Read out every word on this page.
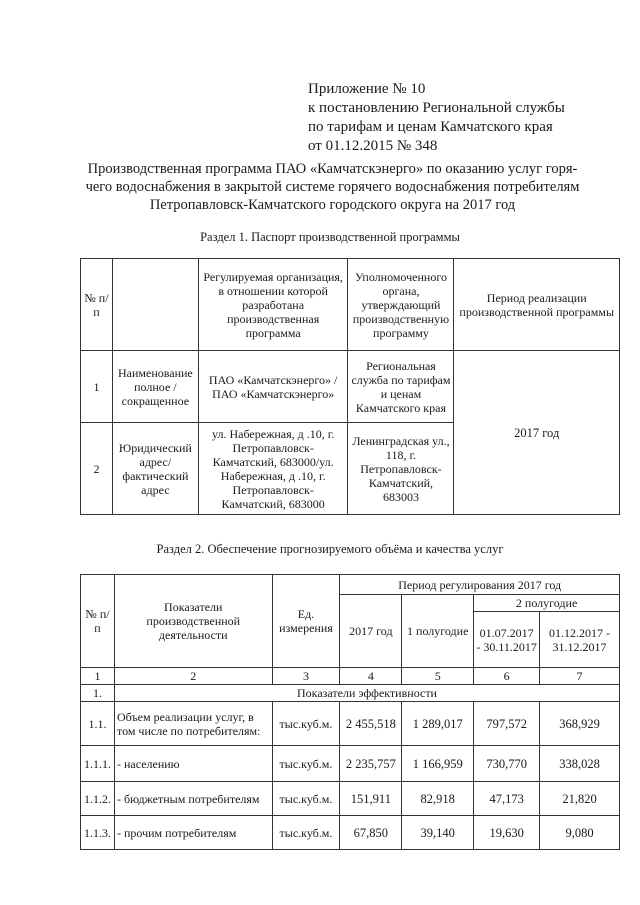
Приложение № 10
к постановлению Региональной службы
по тарифам и ценам Камчатского края
от 01.12.2015 № 348
Производственная программа ПАО «Камчатскэнерго» по оказанию услуг горя-
чего водоснабжения в закрытой системе горячего водоснабжения потребителям
Петропавловск-Камчатского городского округа на 2017 год
Раздел 1. Паспорт производственной программы
№ п/п		Регулируемая организация, в отношении которой разработана производственная программа	Уполномоченного органа, утверждающий производственную программу	Период реализации производственной программы
1	Наименование полное / сокращенное	ПАО «Камчатскэнерго» / ПАО «Камчатскэнерго»	Региональная служба по тарифам и ценам Камчатского края	2017 год
2	Юридический адрес/фактический адрес	ул. Набережная, д .10, г. Петропавловск-Камчатский, 683000/ул. Набережная, д .10, г. Петропавловск-Камчатский, 683000	Ленинградская ул., 118, г. Петропавловск-Камчатский, 683003	
Раздел 2. Обеспечение прогнозируемого объёма и качества услуг
№ п/п	Показатели производственной деятельности	Ед. измерения	Период регулирования 2017 год			
			2017 год	1 полугодие	2 полугодие	
					01.07.2017 - 30.11.2017	01.12.2017 - 31.12.2017
1	2	3	4	5	6	7
1.	Показатели эффективности					
1.1.	Объем реализации услуг, в том числе по потребителям:	тыс.куб.м.	2 455,518	1 289,017	797,572	368,929
1.1.1.	- населению	тыс.куб.м.	2 235,757	1 166,959	730,770	338,028
1.1.2.	- бюджетным потребителям	тыс.куб.м.	151,911	82,918	47,173	21,820
1.1.3.	- прочим потребителям	тыс.куб.м.	67,850	39,140	19,630	9,080
